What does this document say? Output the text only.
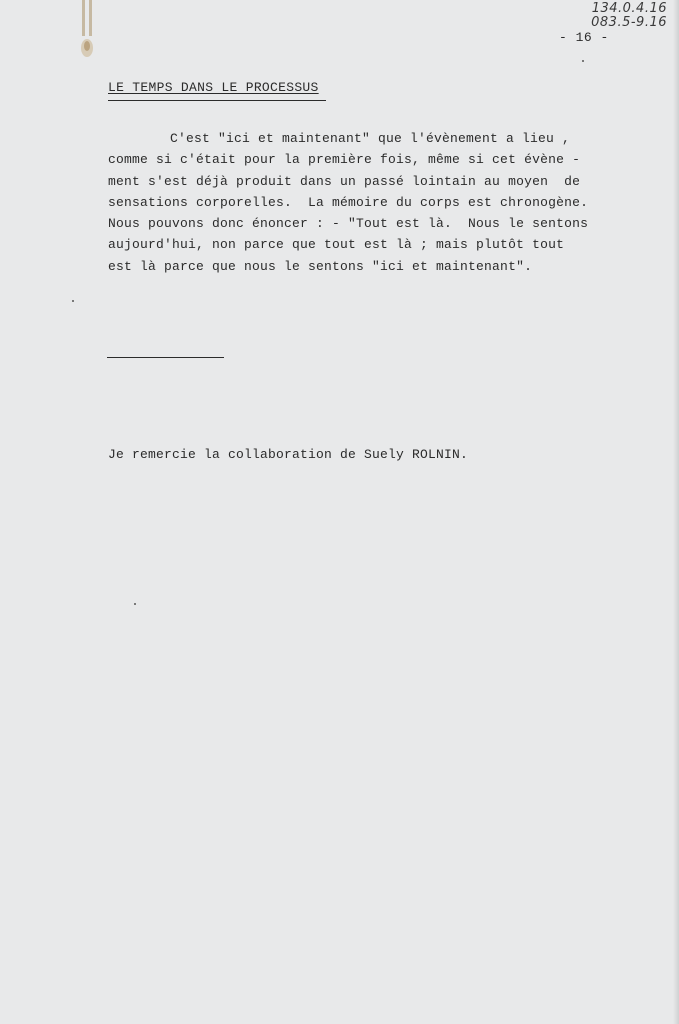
134.0.4.16
083.5-9.16
- 16 -
LE TEMPS DANS LE PROCESSUS
C'est "ici et maintenant" que l'évènement a lieu ,
comme si c'était pour la première fois, même si cet évène -
ment s'est déjà produit dans un passé lointain au moyen  de
sensations corporelles.  La mémoire du corps est chronogène.
Nous pouvons donc énoncer : - "Tout est là.  Nous le sentons
aujourd'hui, non parce que tout est là ; mais plutôt tout
est là parce que nous le sentons "ici et maintenant".
Je remercie la collaboration de Suely ROLNIN.
